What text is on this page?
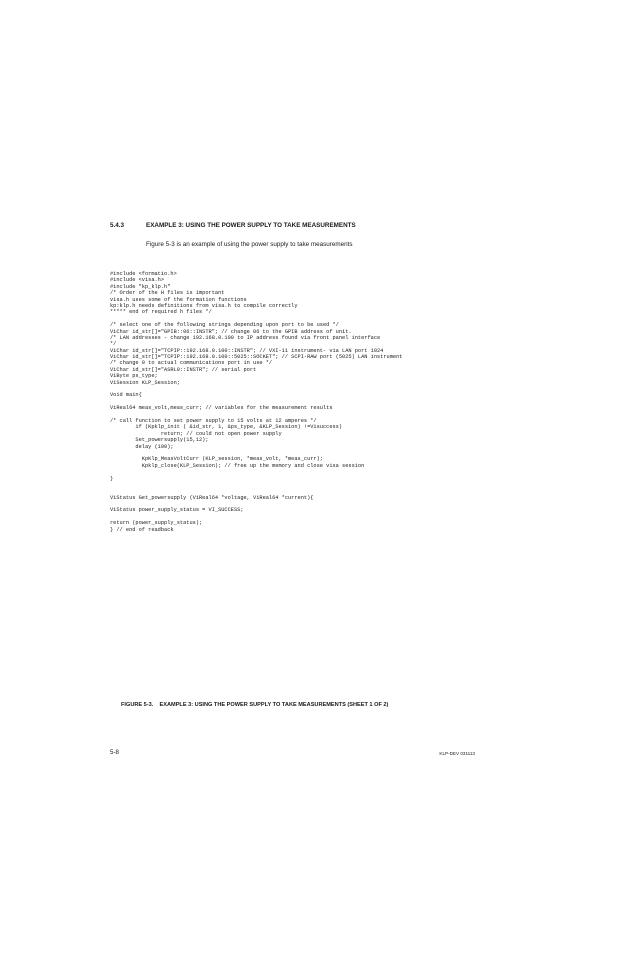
5.4.3	EXAMPLE 3: USING THE POWER SUPPLY TO TAKE MEASUREMENTS
Figure 5-3 is an example of using the power supply to take measurements
#include <formatio.h>
#include <visa.h>
#include "kp_klp.h"
/* Order of the H files is important
visa.h uses some of the formation functions
kp:klp.h needs definitions from visa.h to compile correctly
***** end of required h files */
/* select one of the following strings depending upon port to be used */
ViChar id_str[]="GPIB::06::INSTR"; // change 06 to the GPIB address of unit.
/* LAN addresses - change 192.168.0.100 to IP address found via front panel interface
*/
ViChar id_str[]="TCPIP::192.168.0.100::INSTR"; // VXI-11 instrument- via LAN port 1024
ViChar id_str[]="TCPIP::192.168.0.100::5025::SOCKET"; // SCPI-RAW port (5025) LAN instrument
/* change 0 to actual communications port in use */
ViChar id_str[]="ASRL0::INSTR"; // serial port
ViByte ps_type;
ViSession KLP_Session;
Void main{
ViReal64 meas_volt,meas_curr; // variables for the measurement results
/* call function to set power supply to 15 volts at 12 amperes */
if (Kpklp_init ( &id_str, 1, &ps_type, &KLP_Session) !=Visuccess)
return; // could not open power supply
Set_powersupply(15,12);
delay (100);
KpKlp_MeasVoltCurr (KLP_session, *meas_volt, *meas_curr);
Kpklp_close(KLP_Session); // free up the memory and close visa session
}
ViStatus Get_powersupply (ViReal64 *voltage, ViReal64 *current){
ViStatus power_supply_status = VI_SUCCESS;
return (power_supply_status);
} // end of readback
FIGURE 5-3.    EXAMPLE 3: USING THE POWER SUPPLY TO TAKE MEASUREMENTS (SHEET 1 OF 2)
5-8	KLP-DEV 031113
